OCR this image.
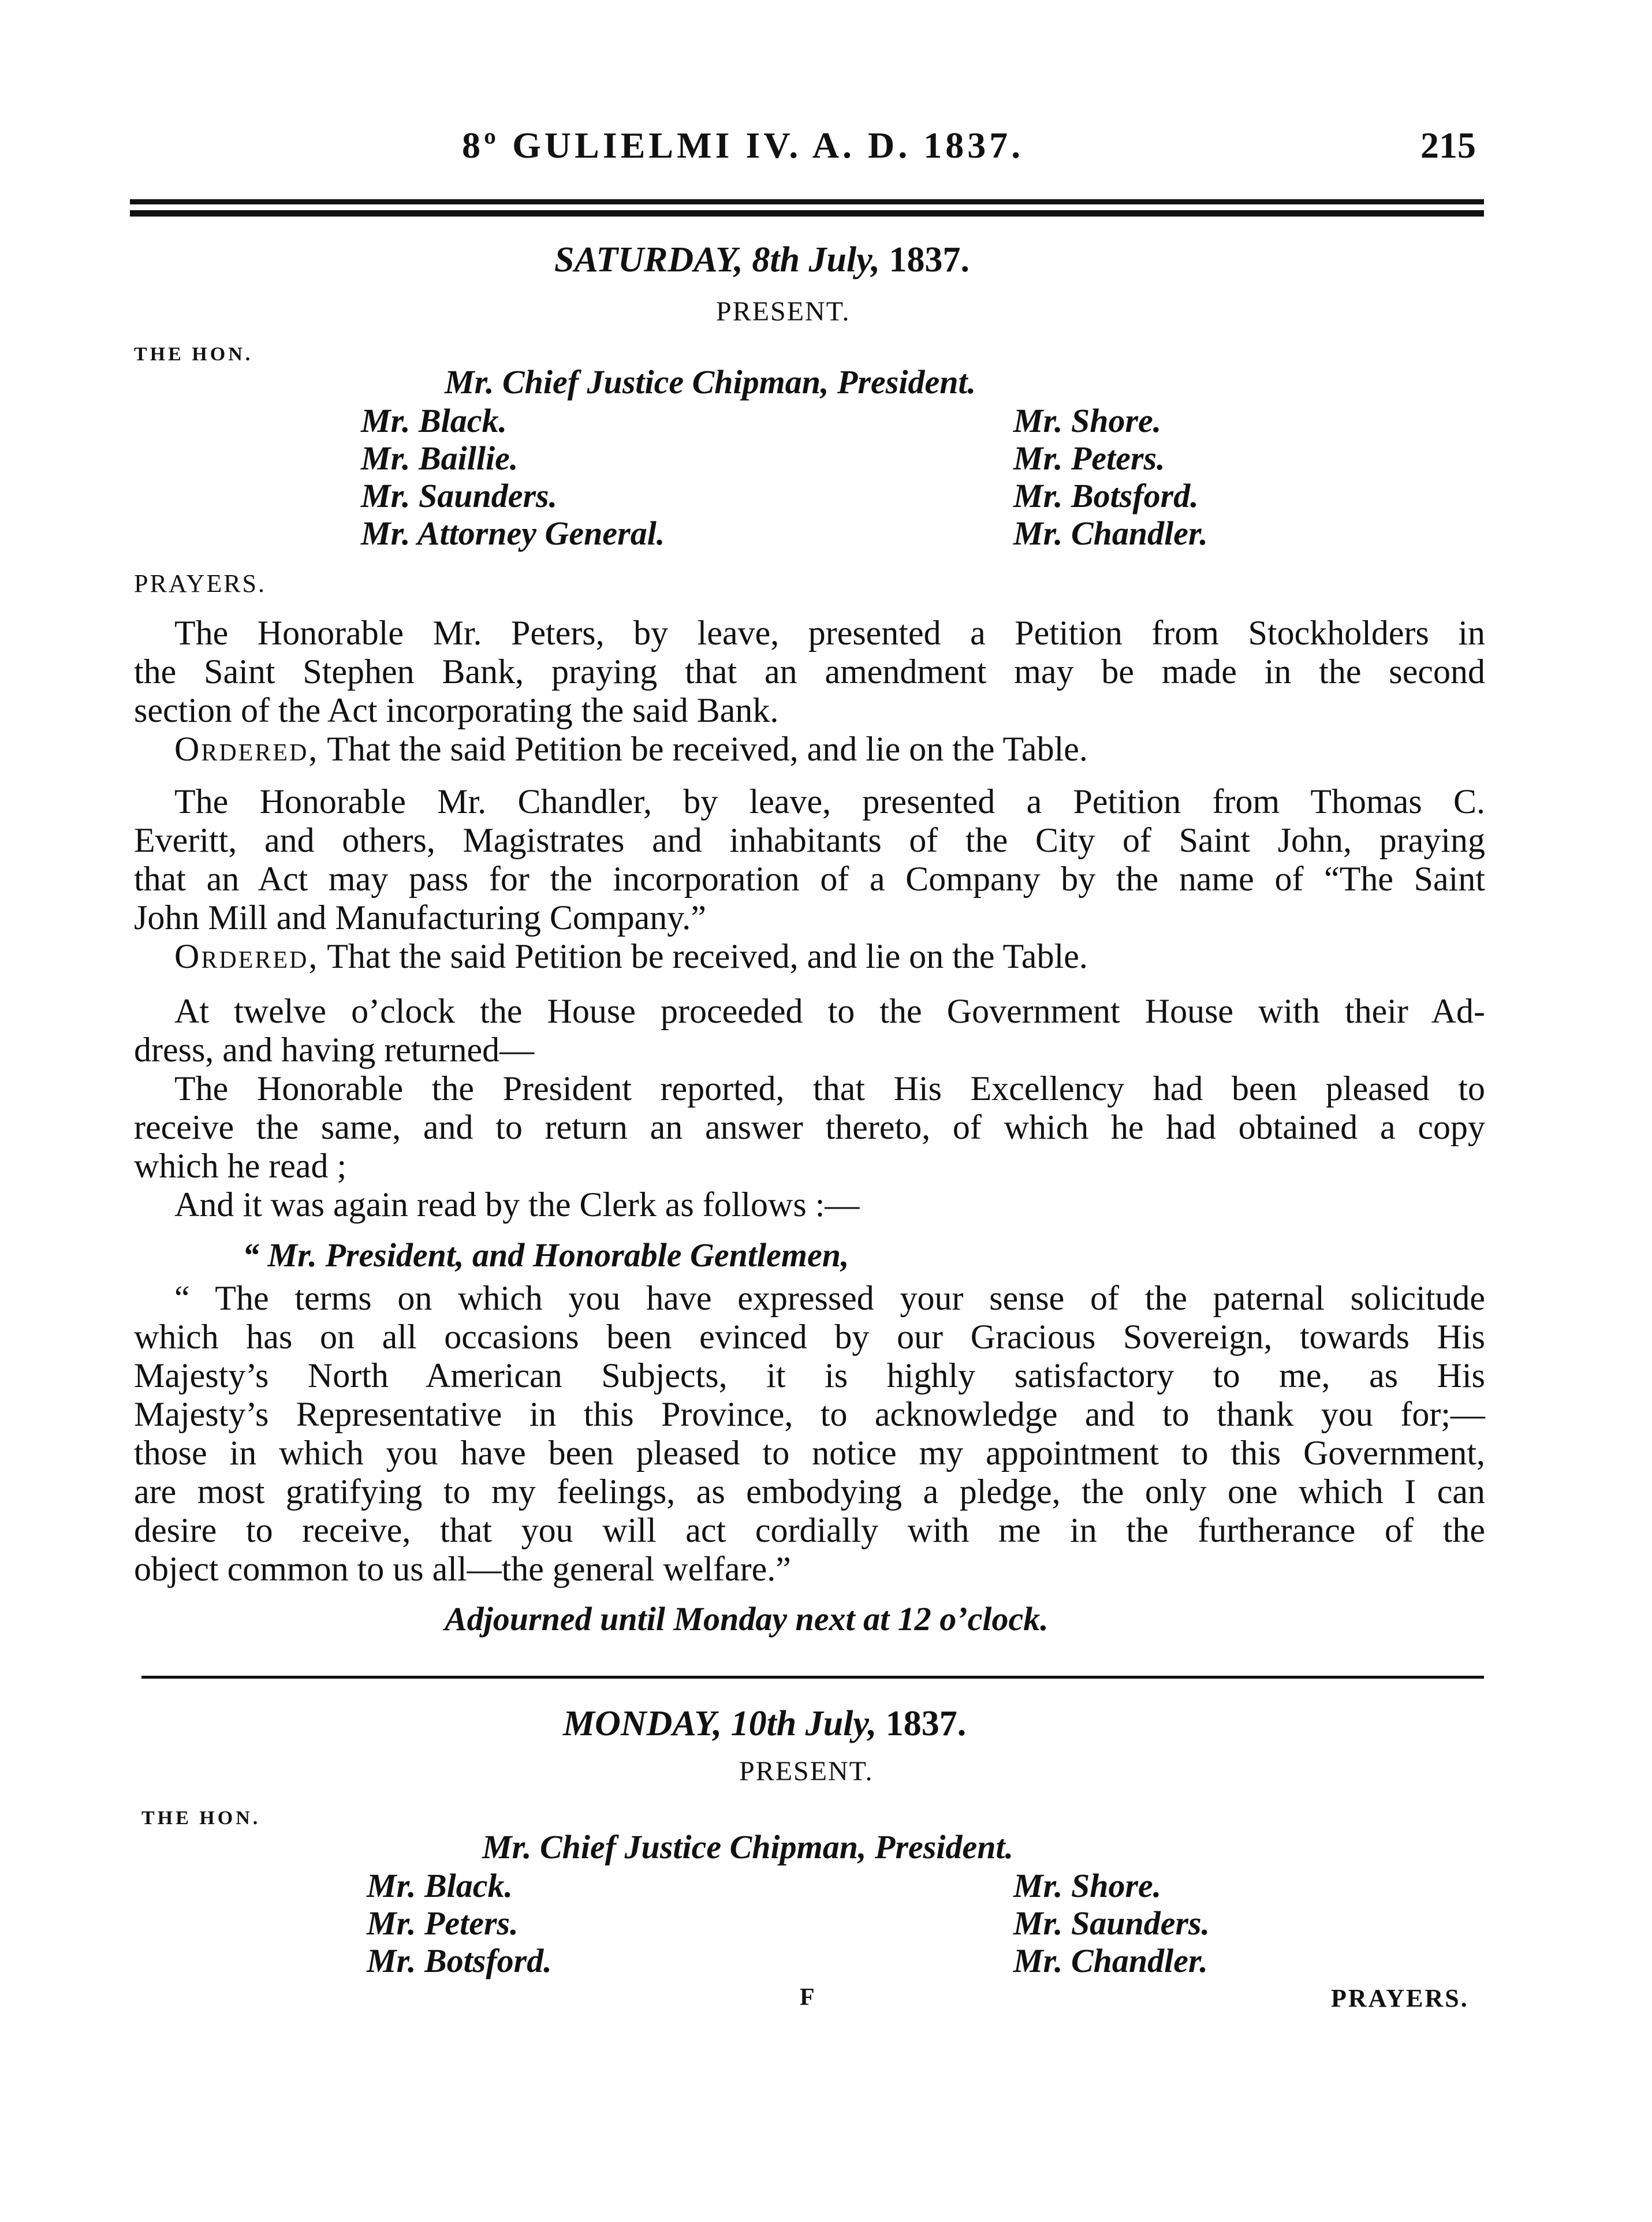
8º GULIELMI IV. A. D. 1837.	215
SATURDAY, 8th July, 1837.
PRESENT.
THE HON.
Mr. Chief Justice Chipman, President.
Mr. Black.
Mr. Baillie.
Mr. Saunders.
Mr. Attorney General.
Mr. Shore.
Mr. Peters.
Mr. Botsford.
Mr. Chandler.
PRAYERS.
The Honorable Mr. Peters, by leave, presented a Petition from Stockholders in
the Saint Stephen Bank, praying that an amendment may be made in the second
section of the Act incorporating the said Bank.
Ordered, That the said Petition be received, and lie on the Table.
The Honorable Mr. Chandler, by leave, presented a Petition from Thomas C.
Everitt, and others, Magistrates and inhabitants of the City of Saint John, praying
that an Act may pass for the incorporation of a Company by the name of “The Saint
John Mill and Manufacturing Company.”
Ordered, That the said Petition be received, and lie on the Table.
At twelve o’clock the House proceeded to the Government House with their Ad-
dress, and having returned—
The Honorable the President reported, that His Excellency had been pleased to
receive the same, and to return an answer thereto, of which he had obtained a copy
which he read ;
And it was again read by the Clerk as follows :—
“ Mr. President, and Honorable Gentlemen,
“ The terms on which you have expressed your sense of the paternal solicitude
which has on all occasions been evinced by our Gracious Sovereign, towards His
Majesty’s North American Subjects, it is highly satisfactory to me, as His
Majesty’s Representative in this Province, to acknowledge and to thank you for;—
those in which you have been pleased to notice my appointment to this Government,
are most gratifying to my feelings, as embodying a pledge, the only one which I can
desire to receive, that you will act cordially with me in the furtherance of the
object common to us all—the general welfare.”
Adjourned until Monday next at 12 o’clock.
MONDAY, 10th July, 1837.
PRESENT.
THE HON.
Mr. Chief Justice Chipman, President.
Mr. Black.
Mr. Peters.
Mr. Botsford.
Mr. Shore.
Mr. Saunders.
Mr. Chandler.
F	PRAYERS.
